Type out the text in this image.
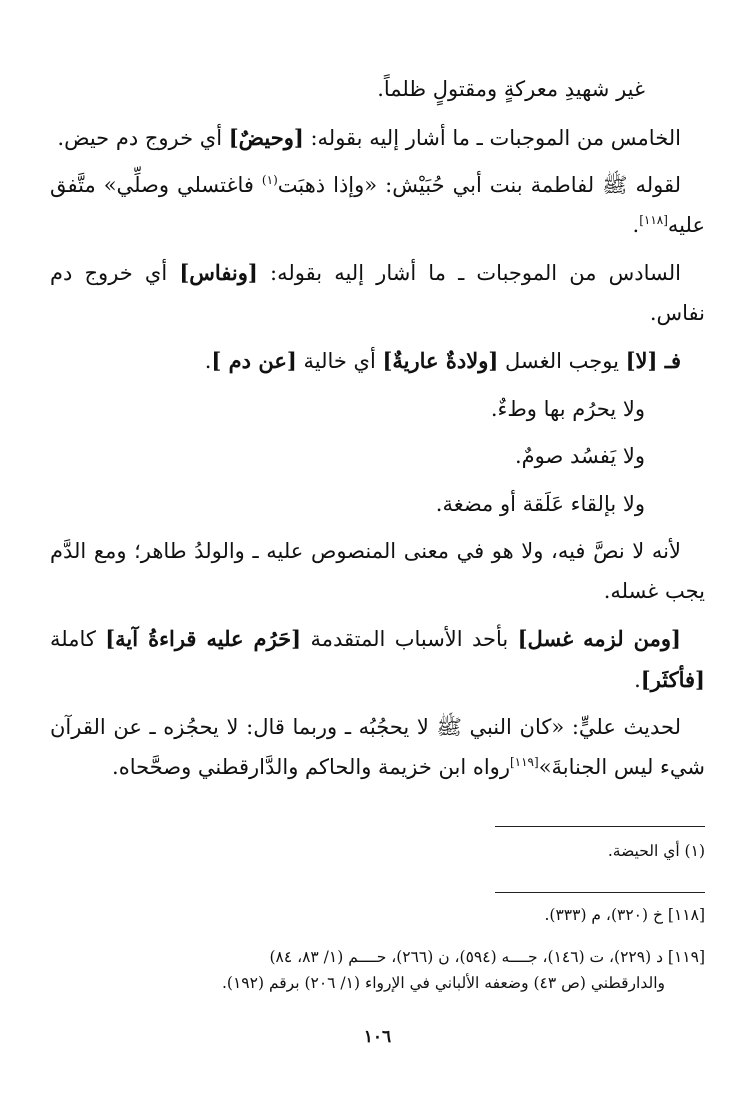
غير شهيدِ معركةٍ ومقتولٍ ظلماً.

الخامس من الموجبات ـ ما أشار إليه بقوله: [وحيضٌ] أي خروج دم حيض.

لقوله ﷺ لفاطمة بنت أبي حُبَيْش: «وإذا ذهبَت$^{(١)}$ فاغتسلي وصلِّي» متَّفق عليه[١١٨].

السادس من الموجبات ـ ما أشار إليه بقوله: [ونفاس] أي خروج دم نفاس.

فـ [لا] يوجب الغسل [ولادةٌ عاريةٌ] أي خالية [عن دم ].

ولا يحرُم بها وطءٌ.

ولا يَفسُد صومٌ.

ولا بإلقاء عَلَقة أو مضغة.

لأنه لا نصَّ فيه، ولا هو في معنى المنصوص عليه ـ والولدُ طاهر؛ ومع الدَّم يجب غسله.

[ومن لزمه غسل] بأحد الأسباب المتقدمة [حَرُم عليه قراءةُ آية] كاملة [فأكثَر].

لحديث عليٍّ: «كان النبي ﷺ لا يحجُبُه ـ وربما قال: لا يحجُزه ـ عن القرآن شيء ليس الجنابةَ»[١١٩]رواه ابن خزيمة والحاكم والدَّارقطني وصحَّحاه.

(١) أي الحيضة.
[١١٨] خ (٣٢٠)، م (٣٣٣).
[١١٩] د (٢٢٩)، ت (١٤٦)، جــــه (٥٩٤)، ن (٢٦٦)، حــــم (١/ ٨٣، ٨٤)
والدارقطني (ص ٤٣) وضعفه الألباني في الإرواء (١/ ٢٠٦) برقم (١٩٢).
١٠٦
